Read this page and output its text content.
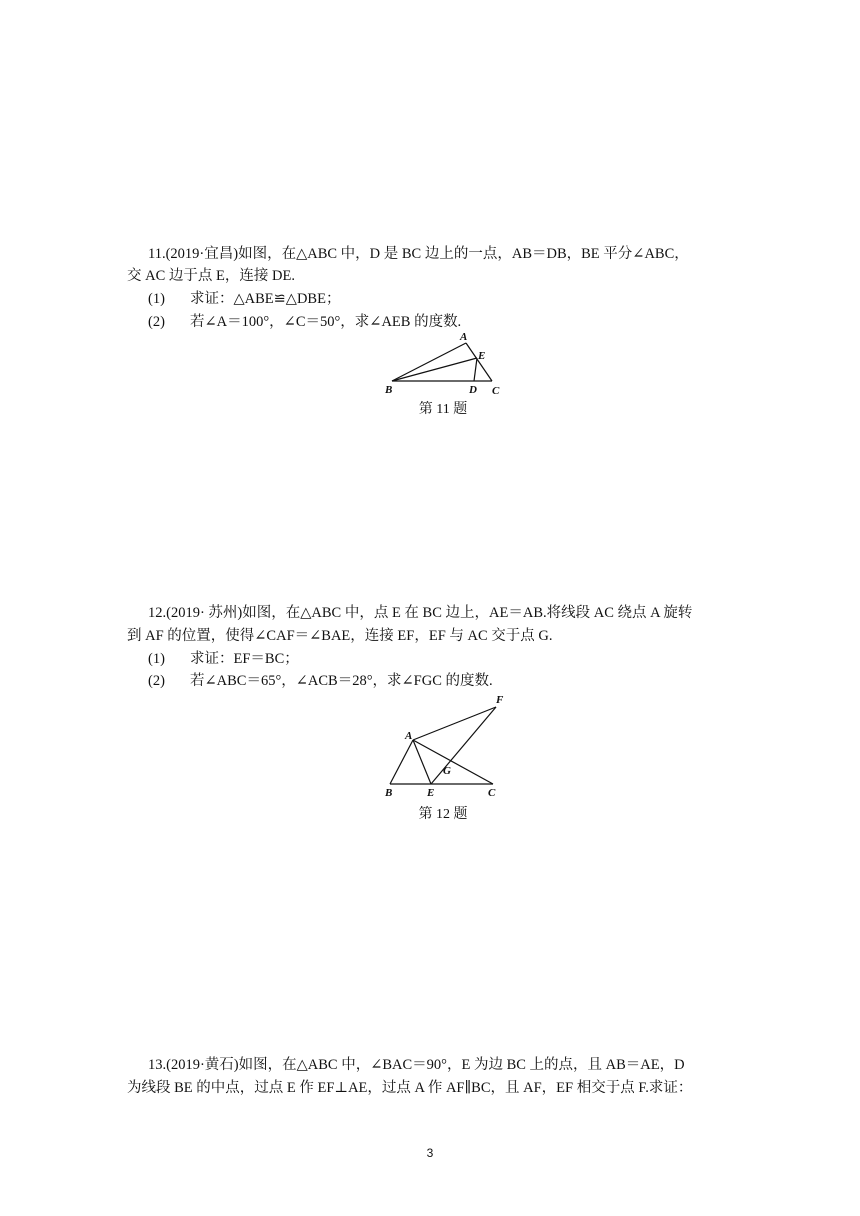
11.(2019·宜昌)如图，在△ABC 中，D 是 BC 边上的一点，AB＝DB，BE 平分∠ABC，
交 AC 边于点 E，连接 DE.
(1) 求证：△ABE≌△DBE；
(2) 若∠A＝100°，∠C＝50°，求∠AEB 的度数.
A
E
B	D C
第 11 题
12.(2019· 苏州)如图，在△ABC 中，点 E 在 BC 边上，AE＝AB.将线段 AC 绕点 A 旋转
到 AF 的位置，使得∠CAF＝∠BAE，连接 EF，EF 与 AC 交于点 G.
(1) 求证：EF＝BC；
(2) 若∠ABC＝65°，∠ACB＝28°，求∠FGC 的度数.
F
A
G
B	E	C
第 12 题
13.(2019·黄石)如图，在△ABC 中，∠BAC＝90°，E 为边 BC 上的点，且 AB＝AE，D
为线段 BE 的中点，过点 E 作 EF⊥AE，过点 A 作 AF∥BC，且 AF，EF 相交于点 F.求证：
3
